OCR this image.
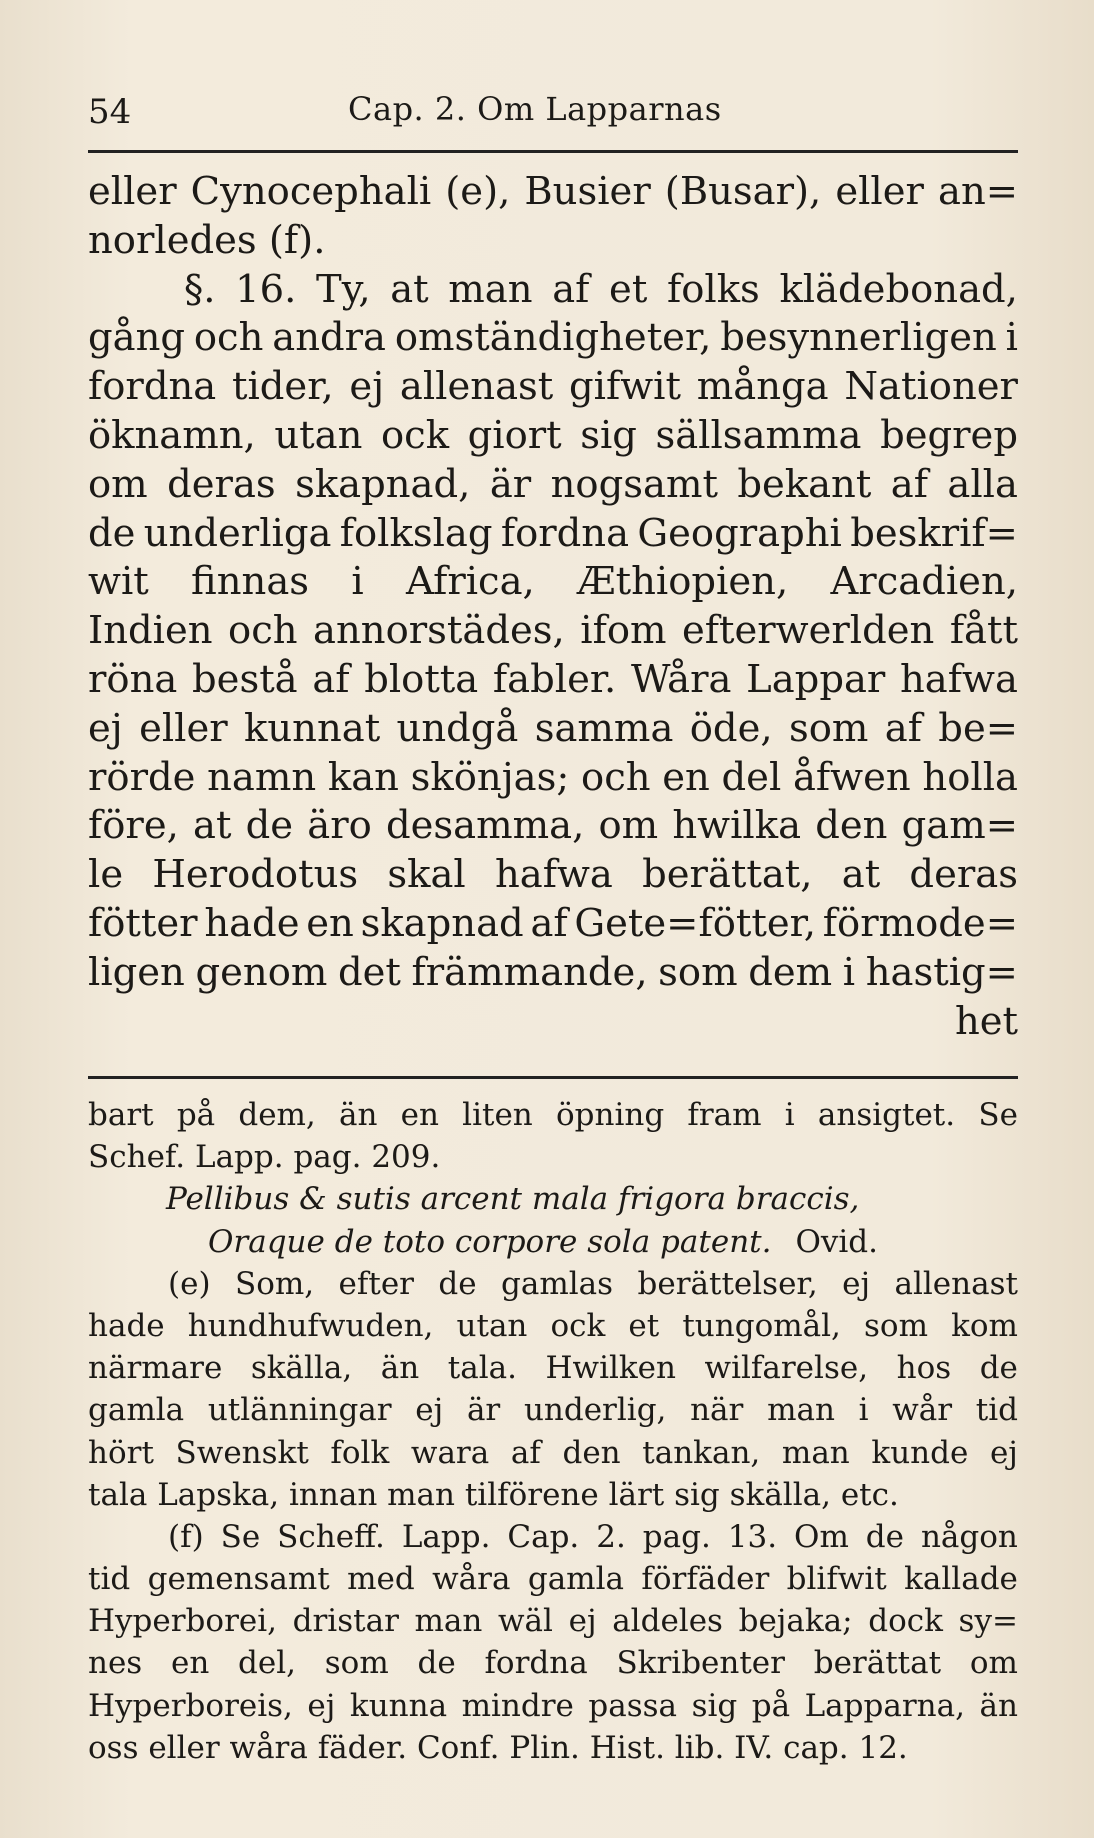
54	Cap. 2. Om Lapparnas
eller Cynocephali (e), Busier (Busar), eller an=
norledes (f).
§. 16. Ty, at man af et folks klädebonad,
gång och andra omständigheter, besynnerligen i
fordna tider, ej allenast gifwit många Nationer
öknamn, utan ock giort sig sällsamma begrep
om deras skapnad, är nogsamt bekant af alla
de underliga folkslag fordna Geographi beskrif=
wit finnas i Africa, Æthiopien, Arcadien,
Indien och annorstädes, ifom efterwerlden fått
röna bestå af blotta fabler. Wåra Lappar hafwa
ej eller kunnat undgå samma öde, som af be=
rörde namn kan skönjas; och en del åfwen holla
före, at de äro desamma, om hwilka den gam=
le Herodotus skal hafwa berättat, at deras
fötter hade en skapnad af Gete=fötter, förmode=
ligen genom det främmande, som dem i hastig=
het
bart på dem, än en liten öpning fram i ansigtet. Se
Schef. Lapp. pag. 209.
Pellibus & sutis arcent mala frigora braccis,
Oraque de toto corpore sola patent. Ovid.
(e) Som, efter de gamlas berättelser, ej allenast
hade hundhufwuden, utan ock et tungomål, som kom
närmare skälla, än tala. Hwilken wilfarelse, hos de
gamla utlänningar ej är underlig, när man i wår tid
hört Swenskt folk wara af den tankan, man kunde ej
tala Lapska, innan man tilförene lärt sig skälla, etc.
(f) Se Scheff. Lapp. Cap. 2. pag. 13. Om de någon
tid gemensamt med wåra gamla förfäder blifwit kallade
Hyperborei, dristar man wäl ej aldeles bejaka; dock sy=
nes en del, som de fordna Skribenter berättat om
Hyperboreis, ej kunna mindre passa sig på Lapparna, än
oss eller wåra fäder. Conf. Plin. Hist. lib. IV. cap. 12.
